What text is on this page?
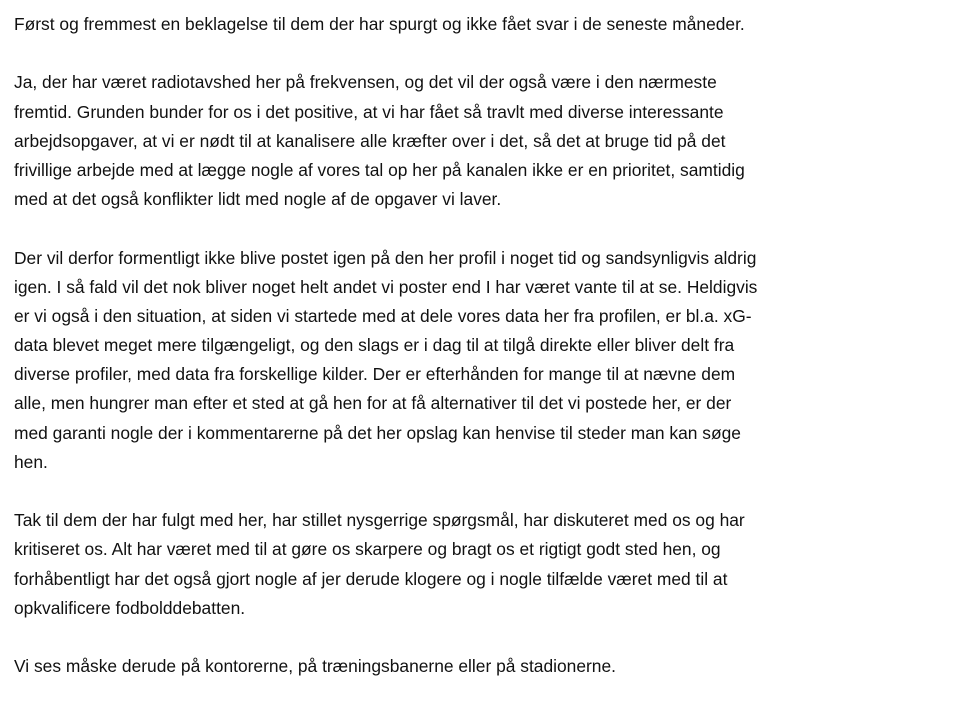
Først og fremmest en beklagelse til dem der har spurgt og ikke fået svar i de seneste måneder.
Ja, der har været radiotavshed her på frekvensen, og det vil der også være i den nærmeste
fremtid. Grunden bunder for os i det positive, at vi har fået så travlt med diverse interessante
arbejdsopgaver, at vi er nødt til at kanalisere alle kræfter over i det, så det at bruge tid på det
frivillige arbejde med at lægge nogle af vores tal op her på kanalen ikke er en prioritet, samtidig
med at det også konflikter lidt med nogle af de opgaver vi laver.
Der vil derfor formentligt ikke blive postet igen på den her profil i noget tid og sandsynligvis aldrig
igen. I så fald vil det nok bliver noget helt andet vi poster end I har været vante til at se. Heldigvis
er vi også i den situation, at siden vi startede med at dele vores data her fra profilen, er bl.a. xG-
data blevet meget mere tilgængeligt, og den slags er i dag til at tilgå direkte eller bliver delt fra
diverse profiler, med data fra forskellige kilder. Der er efterhånden for mange til at nævne dem
alle, men hungrer man efter et sted at gå hen for at få alternativer til det vi postede her, er der
med garanti nogle der i kommentarerne på det her opslag kan henvise til steder man kan søge
hen.
Tak til dem der har fulgt med her, har stillet nysgerrige spørgsmål, har diskuteret med os og har
kritiseret os. Alt har været med til at gøre os skarpere og bragt os et rigtigt godt sted hen, og
forhåbentligt har det også gjort nogle af jer derude klogere og i nogle tilfælde været med til at
opkvalificere fodbolddebatten.
Vi ses måske derude på kontorerne, på træningsbanerne eller på stadionerne.
